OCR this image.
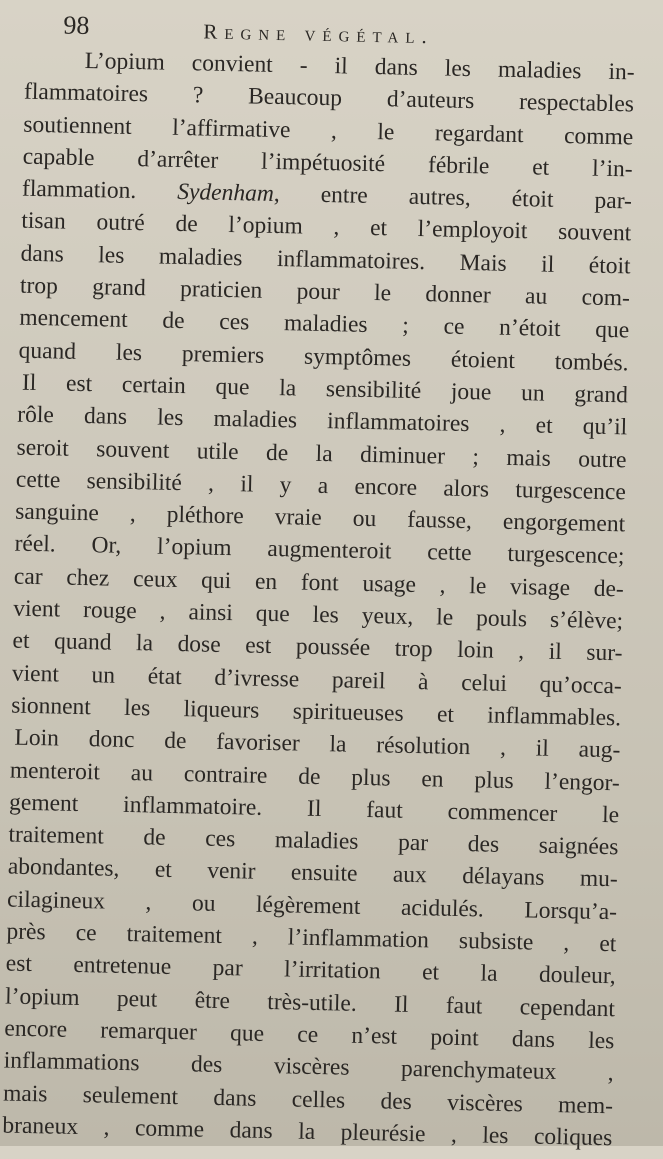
98	Regne végétal.
L’opium convient - il dans les maladies in-
flammatoires ? Beaucoup d’auteurs respectables
soutiennent l’affirmative , le regardant comme
capable d’arrêter l’impétuosité fébrile et l’in-
flammation. Sydenham, entre autres, étoit par-
tisan outré de l’opium , et l’employoit souvent
dans les maladies inflammatoires. Mais il étoit
trop grand praticien pour le donner au com-
mencement de ces maladies ; ce n’étoit que
quand les premiers symptômes étoient tombés.
Il est certain que la sensibilité joue un grand
rôle dans les maladies inflammatoires , et qu’il
seroit souvent utile de la diminuer ; mais outre
cette sensibilité , il y a encore alors turgescence
sanguine , pléthore vraie ou fausse, engorgement
réel. Or, l’opium augmenteroit cette turgescence;
car chez ceux qui en font usage , le visage de-
vient rouge , ainsi que les yeux, le pouls s’élève;
et quand la dose est poussée trop loin , il sur-
vient un état d’ivresse pareil à celui qu’occa-
sionnent les liqueurs spiritueuses et inflammables.
Loin donc de favoriser la résolution , il aug-
menteroit au contraire de plus en plus l’engor-
gement inflammatoire. Il faut commencer le
traitement de ces maladies par des saignées
abondantes, et venir ensuite aux délayans mu-
cilagineux , ou légèrement acidulés. Lorsqu’a-
près ce traitement , l’inflammation subsiste , et
est entretenue par l’irritation et la douleur,
l’opium peut être très-utile. Il faut cependant
encore remarquer que ce n’est point dans les
inflammations des viscères parenchymateux ,
mais seulement dans celles des viscères mem-
braneux , comme dans la pleurésie , les coliques
